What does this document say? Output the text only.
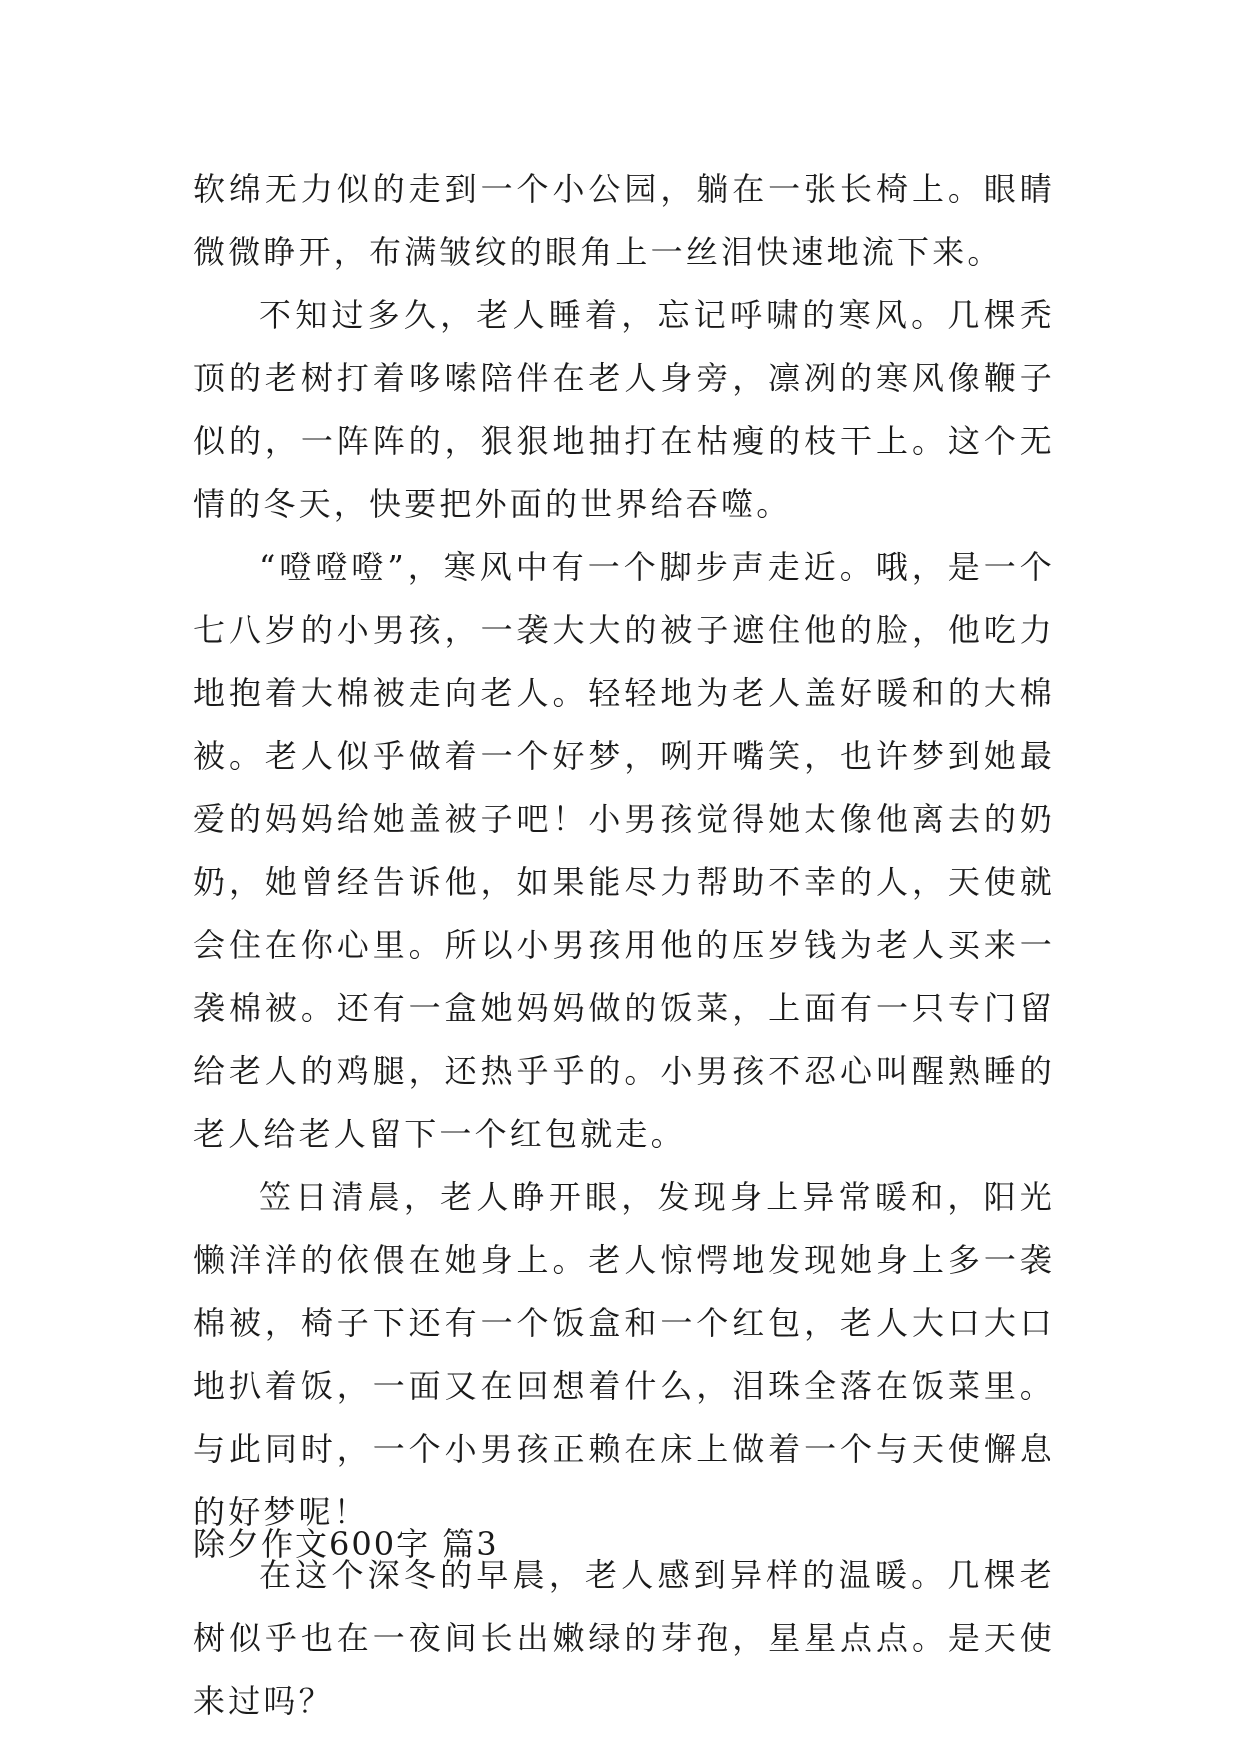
软绵无力似的走到一个小公园，躺在一张长椅上。眼睛微微睁开，布满皱纹的眼角上一丝泪快速地流下来。

不知过多久，老人睡着，忘记呼啸的寒风。几棵秃顶的老树打着哆嗦陪伴在老人身旁，凛冽的寒风像鞭子似的，一阵阵的，狠狠地抽打在枯瘦的枝干上。这个无情的冬天，快要把外面的世界给吞噬。

“噔噔噔”，寒风中有一个脚步声走近。哦，是一个七八岁的小男孩，一袭大大的被子遮住他的脸，他吃力地抱着大棉被走向老人。轻轻地为老人盖好暖和的大棉被。老人似乎做着一个好梦，咧开嘴笑，也许梦到她最爱的妈妈给她盖被子吧！小男孩觉得她太像他离去的奶奶，她曾经告诉他，如果能尽力帮助不幸的人，天使就会住在你心里。所以小男孩用他的压岁钱为老人买来一袭棉被。还有一盒她妈妈做的饭菜，上面有一只专门留给老人的鸡腿，还热乎乎的。小男孩不忍心叫醒熟睡的老人给老人留下一个红包就走。

笠日清晨，老人睁开眼，发现身上异常暖和，阳光懒洋洋的依偎在她身上。老人惊愕地发现她身上多一袭棉被，椅子下还有一个饭盒和一个红包，老人大口大口地扒着饭，一面又在回想着什么，泪珠全落在饭菜里。与此同时，一个小男孩正赖在床上做着一个与天使懈息的好梦呢！

在这个深冬的早晨，老人感到异样的温暖。几棵老树似乎也在一夜间长出嫩绿的芽孢，星星点点。是天使来过吗？

除夕作文600字 篇3
